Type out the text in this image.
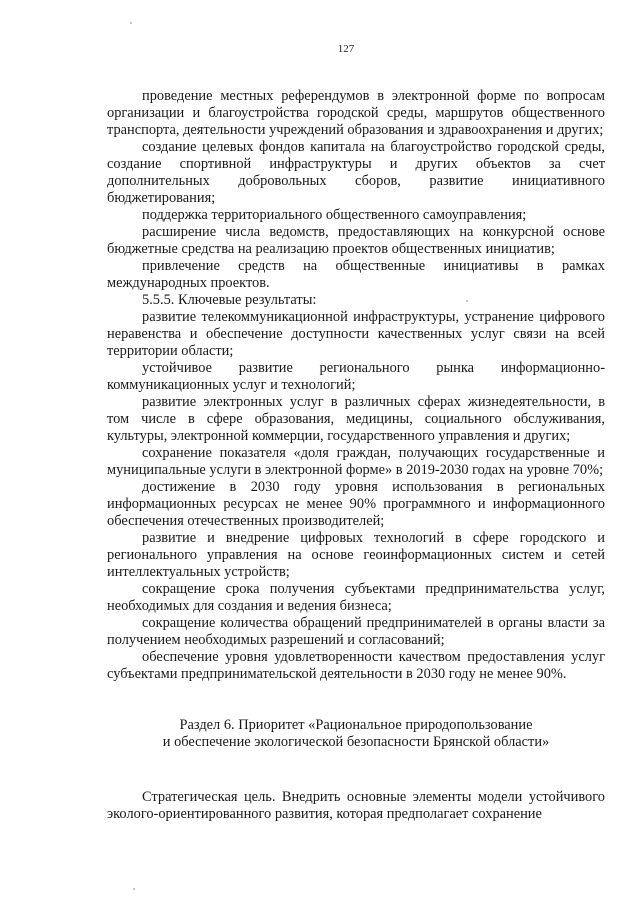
127

проведение местных референдумов в электронной форме по вопросам организации и благоустройства городской среды, маршрутов общественного транспорта, деятельности учреждений образования и здравоохранения и других;

создание целевых фондов капитала на благоустройство городской среды, создание спортивной инфраструктуры и других объектов за счет дополнительных добровольных сборов, развитие инициативного бюджетирования;

поддержка территориального общественного самоуправления;

расширение числа ведомств, предоставляющих на конкурсной основе бюджетные средства на реализацию проектов общественных инициатив;

привлечение средств на общественные инициативы в рамках международных проектов.

5.5.5. Ключевые результаты:

развитие телекоммуникационной инфраструктуры, устранение цифрового неравенства и обеспечение доступности качественных услуг связи на всей территории области;

устойчивое развитие регионального рынка информационно-коммуникационных услуг и технологий;

развитие электронных услуг в различных сферах жизнедеятельности, в том числе в сфере образования, медицины, социального обслуживания, культуры, электронной коммерции, государственного управления и других;

сохранение показателя «доля граждан, получающих государственные и муниципальные услуги в электронной форме» в 2019-2030 годах на уровне 70%;

достижение в 2030 году уровня использования в региональных информационных ресурсах не менее 90% программного и информационного обеспечения отечественных производителей;

развитие и внедрение цифровых технологий в сфере городского и регионального управления на основе геоинформационных систем и сетей интеллектуальных устройств;

сокращение срока получения субъектами предпринимательства услуг, необходимых для создания и ведения бизнеса;

сокращение количества обращений предпринимателей в органы власти за получением необходимых разрешений и согласований;

обеспечение уровня удовлетворенности качеством предоставления услуг субъектами предпринимательской деятельности в 2030 году не менее 90%.

Раздел 6. Приоритет «Рациональное природопользование
и обеспечение экологической безопасности Брянской области»

Стратегическая цель. Внедрить основные элементы модели устойчивого эколого-ориентированного развития, которая предполагает сохранение
